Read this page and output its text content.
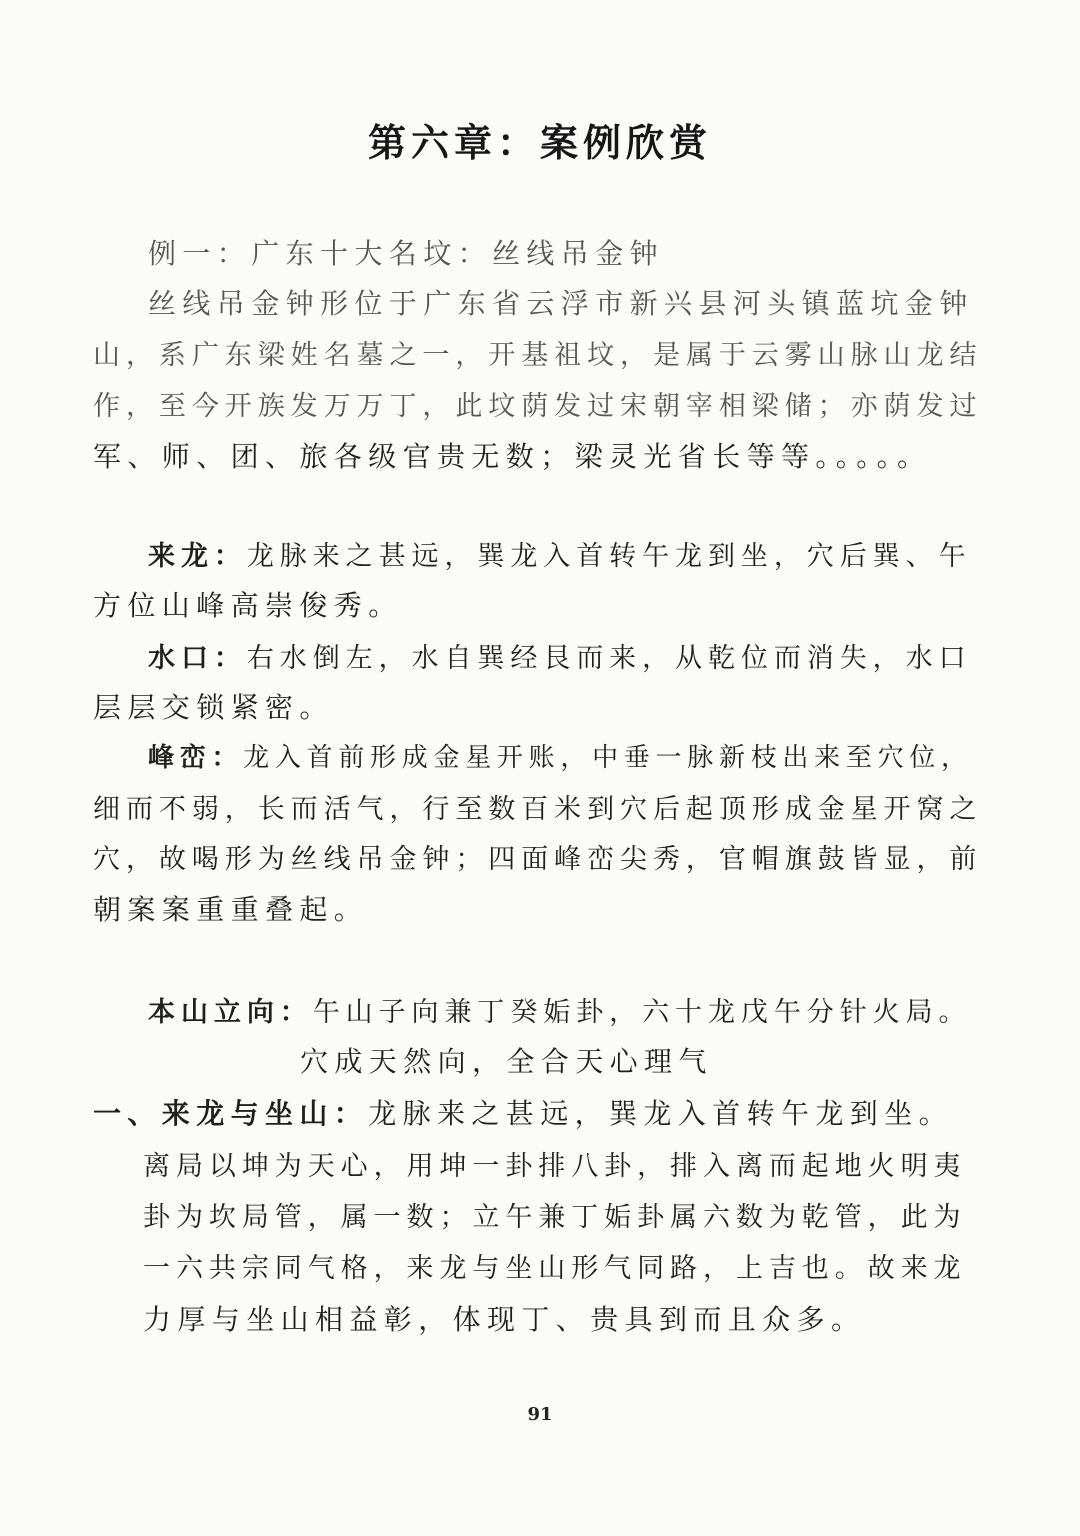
第六章：案例欣赏
例一：广东十大名坟：丝线吊金钟
丝线吊金钟形位于广东省云浮市新兴县河头镇蓝坑金钟
山，系广东梁姓名墓之一，开基祖坟，是属于云雾山脉山龙结
作，至今开族发万万丁，此坟荫发过宋朝宰相梁储；亦荫发过
军、师、团、旅各级官贵无数；梁灵光省长等等。。。。。
来龙：龙脉来之甚远，巽龙入首转午龙到坐，穴后巽、午
方位山峰高崇俊秀。
水口：右水倒左，水自巽经艮而来，从乾位而消失，水口
层层交锁紧密。
峰峦：龙入首前形成金星开账，中垂一脉新枝出来至穴位，
细而不弱，长而活气，行至数百米到穴后起顶形成金星开窝之
穴，故喝形为丝线吊金钟；四面峰峦尖秀，官帽旗鼓皆显，前
朝案案重重叠起。
本山立向：午山子向兼丁癸姤卦，六十龙戊午分针火局。
穴成天然向，全合天心理气
一、来龙与坐山：龙脉来之甚远，巽龙入首转午龙到坐。
离局以坤为天心，用坤一卦排八卦，排入离而起地火明夷
卦为坎局管，属一数；立午兼丁姤卦属六数为乾管，此为
一六共宗同气格，来龙与坐山形气同路，上吉也。故来龙
力厚与坐山相益彰，体现丁、贵具到而且众多。
91
